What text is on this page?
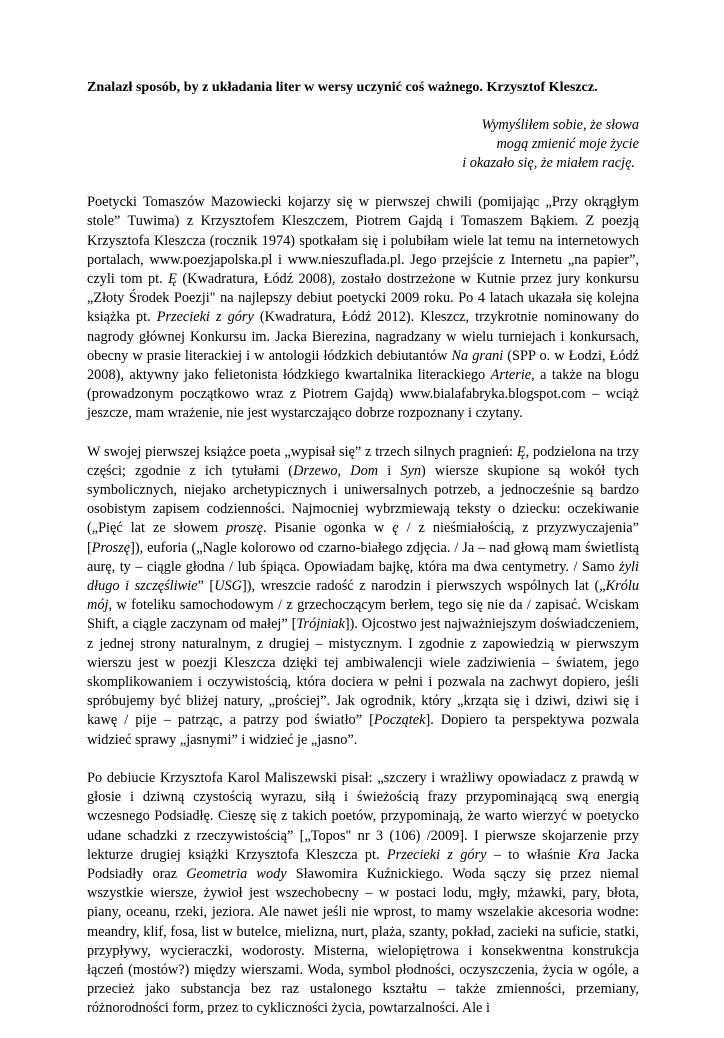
Znalazł sposób, by z układania liter w wersy uczynić coś ważnego. Krzysztof Kleszcz.
Wymyśliłem sobie, że słowa
mogą zmienić moje życie
i okazało się, że miałem rację.

Poetycki Tomaszów Mazowiecki kojarzy się w pierwszej chwili (pomijając „Przy okrągłym stole” Tuwima) z Krzysztofem Kleszczem, Piotrem Gajdą i Tomaszem Bąkiem. Z poezją Krzysztofa Kleszcza (rocznik 1974) spotkałam się i polubiłam wiele lat temu na internetowych portalach, www.poezjapolska.pl i www.nieszuflada.pl. Jego przejście z Internetu „na papier”, czyli tom pt. Ę (Kwadratura, Łódź 2008), zostało dostrzeżone w Kutnie przez jury konkursu „Złoty Środek Poezji" na najlepszy debiut poetycki 2009 roku. Po 4 latach ukazała się kolejna książka pt. Przecieki z góry (Kwadratura, Łódź 2012). Kleszcz, trzykrotnie nominowany do nagrody głównej Konkursu im. Jacka Bierezina, nagradzany w wielu turniejach i konkursach, obecny w prasie literackiej i w antologii łódzkich debiutantów Na grani (SPP o. w Łodzi, Łódź 2008), aktywny jako felietonista łódzkiego kwartalnika literackiego Arterie, a także na blogu (prowadzonym początkowo wraz z Piotrem Gajdą) www.bialafabryka.blogspot.com – wciąż jeszcze, mam wrażenie, nie jest wystarczająco dobrze rozpoznany i czytany.

W swojej pierwszej książce poeta „wypisał się” z trzech silnych pragnień: Ę, podzielona na trzy części; zgodnie z ich tytułami (Drzewo, Dom i Syn) wiersze skupione są wokół tych symbolicznych, niejako archetypicznych i uniwersalnych potrzeb, a jednocześnie są bardzo osobistym zapisem codzienności. Najmocniej wybrzmiewają teksty o dziecku: oczekiwanie („Pięć lat ze słowem proszę. Pisanie ogonka w ę / z nieśmiałością, z przyzwyczajenia” [Proszę]), euforia („Nagle kolorowo od czarno-białego zdjęcia. / Ja – nad głową mam świetlistą aurę, ty – ciągle głodna / lub śpiąca. Opowiadam bajkę, która ma dwa centymetry. / Samo żyli długo i szczęśliwie” [USG]), wreszcie radość z narodzin i pierwszych wspólnych lat („Królu mój, w foteliku samochodowym / z grzechoczącym berłem, tego się nie da / zapisać. Wciskam Shift, a ciągle zaczynam od małej” [Trójniak]). Ojcostwo jest najważniejszym doświadczeniem, z jednej strony naturalnym, z drugiej – mistycznym. I zgodnie z zapowiedzią w pierwszym wierszu jest w poezji Kleszcza dzięki tej ambiwalencji wiele zadziwienia – światem, jego skomplikowaniem i oczywistością, która dociera w pełni i pozwala na zachwyt dopiero, jeśli spróbujemy być bliżej natury, „prościej”. Jak ogrodnik, który „krząta się i dziwi, dziwi się i kawę / pije – patrząc, a patrzy pod światło” [Początek]. Dopiero ta perspektywa pozwala widzieć sprawy „jasnymi” i widzieć je „jasno”.

Po debiucie Krzysztofa Karol Maliszewski pisał: „szczery i wrażliwy opowiadacz z prawdą w głosie i dziwną czystością wyrazu, siłą i świeżością frazy przypominającą swą energią wczesnego Podsiadłę. Cieszę się z takich poetów, przypominają, że warto wierzyć w poetycko udane schadzki z rzeczywistością” [„Topos" nr 3 (106) /2009]. I pierwsze skojarzenie przy lekturze drugiej książki Krzysztofa Kleszcza pt. Przecieki z góry – to właśnie Kra Jacka Podsiadły oraz Geometria wody Sławomira Kuźnickiego. Woda sączy się przez niemal wszystkie wiersze, żywioł jest wszechobecny – w postaci lodu, mgły, mżawki, pary, błota, piany, oceanu, rzeki, jeziora. Ale nawet jeśli nie wprost, to mamy wszelakie akcesoria wodne: meandry, klif, fosa, list w butelce, mielizna, nurt, plaża, szanty, pokład, zacieki na suficie, statki, przypływy, wycieraczki, wodorosty. Misterna, wielopiętrowa i konsekwentna konstrukcja łączeń (mostów?) między wierszami. Woda, symbol płodności, oczyszczenia, życia w ogóle, a przecież jako substancja bez raz ustalonego kształtu – także zmienności, przemiany, różnorodności form, przez to cykliczności życia, powtarzalności. Ale i
